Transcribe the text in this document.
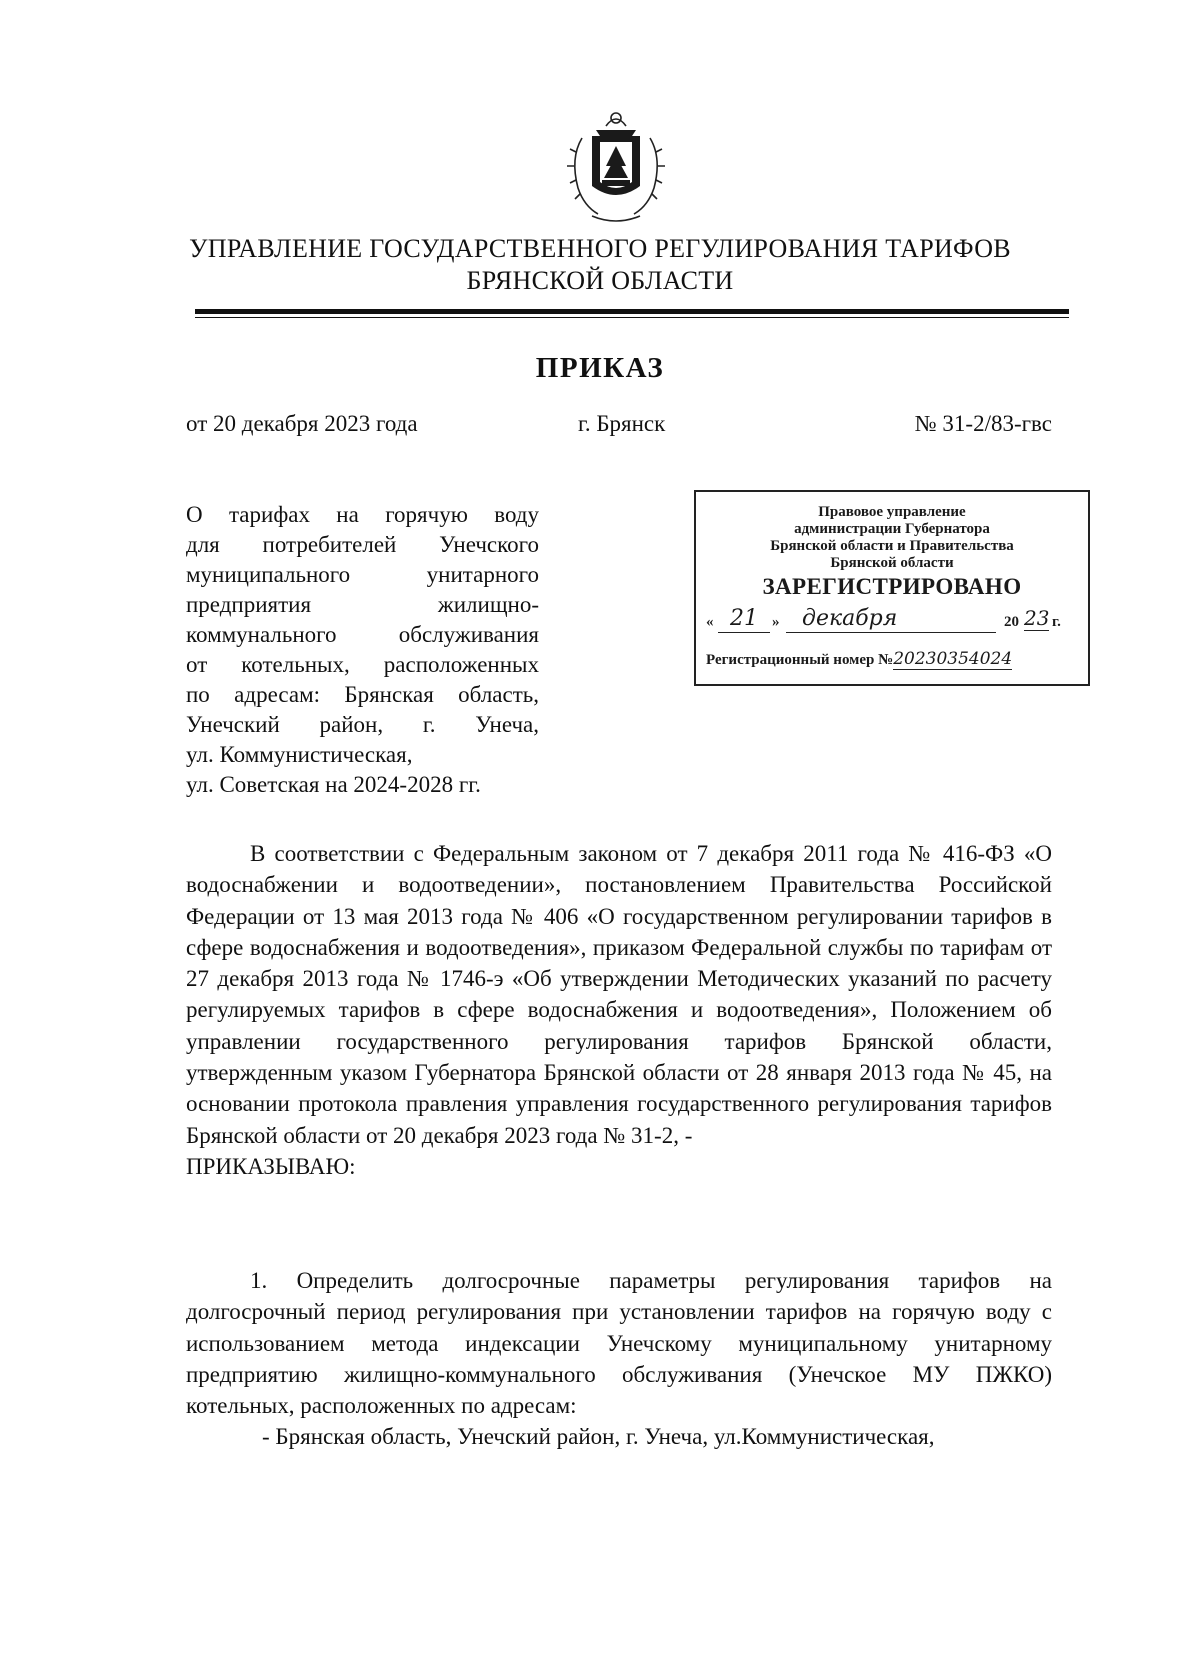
УПРАВЛЕНИЕ ГОСУДАРСТВЕННОГО РЕГУЛИРОВАНИЯ ТАРИФОВ
БРЯНСКОЙ ОБЛАСТИ
ПРИКАЗ
от 20 декабря 2023 года	г. Брянск	№ 31-2/83-гвс
О тарифах на горячую воду
для потребителей Унечского
муниципального унитарного
предприятия жилищно-
коммунального обслуживания
от котельных, расположенных
по адресам: Брянская область,
Унечский район, г. Унеча,
ул. Коммунистическая,
ул. Советская на 2024-2028 гг.
Правовое управление
администрации Губернатора
Брянской области и Правительства
Брянской области
ЗАРЕГИСТРИРОВАНО
« 21 » декабря	20 23 г.
Регистрационный номер №20230354024

В соответствии с Федеральным законом от 7 декабря 2011 года № 416-ФЗ «О водоснабжении и водоотведении», постановлением Правительства Российской Федерации от 13 мая 2013 года № 406 «О государственном регулировании тарифов в сфере водоснабжения и водоотведения», приказом Федеральной службы по тарифам от 27 декабря 2013 года № 1746-э «Об утверждении Методических указаний по расчету регулируемых тарифов в сфере водоснабжения и водоотведения», Положением об управлении государственного регулирования тарифов Брянской области, утвержденным указом Губернатора Брянской области от 28 января 2013 года № 45, на основании протокола правления управления государственного регулирования тарифов Брянской области от 20 декабря 2023 года № 31-2, -

ПРИКАЗЫВАЮ:

1. Определить долгосрочные параметры регулирования тарифов на долгосрочный период регулирования при установлении тарифов на горячую воду с использованием метода индексации Унечскому муниципальному унитарному предприятию жилищно-коммунального обслуживания (Унечское МУ ПЖКО) котельных, расположенных по адресам:

- Брянская область, Унечский район, г. Унеча, ул.Коммунистическая,
